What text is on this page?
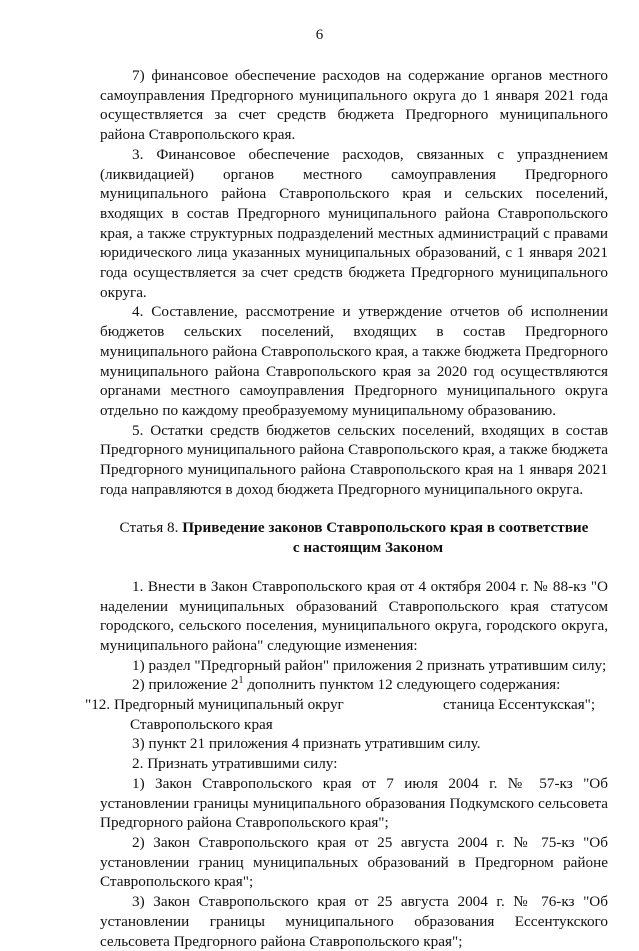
6

7) финансовое обеспечение расходов на содержание органов местного самоуправления Предгорного муниципального округа до 1 января 2021 года осуществляется за счет средств бюджета Предгорного муниципального района Ставропольского края.

3. Финансовое обеспечение расходов, связанных с упразднением (ликвидацией) органов местного самоуправления Предгорного муниципального района Ставропольского края и сельских поселений, входящих в состав Предгорного муниципального района Ставропольского края, а также структурных подразделений местных администраций с правами юридического лица указанных муниципальных образований, с 1 января 2021 года осуществляется за счет средств бюджета Предгорного муниципального округа.

4. Составление, рассмотрение и утверждение отчетов об исполнении бюджетов сельских поселений, входящих в состав Предгорного муниципального района Ставропольского края, а также бюджета Предгорного муниципального района Ставропольского края за 2020 год осуществляются органами местного самоуправления Предгорного муниципального округа отдельно по каждому преобразуемому муниципальному образованию.

5. Остатки средств бюджетов сельских поселений, входящих в состав Предгорного муниципального района Ставропольского края, а также бюджета Предгорного муниципального района Ставропольского края на 1 января 2021 года направляются в доход бюджета Предгорного муниципального округа.

Статья 8. Приведение законов Ставропольского края в соответствие
с настоящим Законом

1. Внести в Закон Ставропольского края от 4 октября 2004 г. № 88-кз "О наделении муниципальных образований Ставропольского края статусом городского, сельского поселения, муниципального округа, городского округа, муниципального района" следующие изменения:

1) раздел "Предгорный район" приложения 2 признать утратившим силу;

2) приложение $2^1$ дополнить пунктом 12 следующего содержания:

"12. Предгорный муниципальный округ	станица Ессентукская";
Ставропольского края

3) пункт 21 приложения 4 признать утратившим силу.

2. Признать утратившими силу:

1) Закон Ставропольского края от 7 июля 2004 г. № 57-кз "Об установлении границы муниципального образования Подкумского сельсовета Предгорного района Ставропольского края";

2) Закон Ставропольского края от 25 августа 2004 г. № 75-кз "Об установлении границ муниципальных образований в Предгорном районе Ставропольского края";

3) Закон Ставропольского края от 25 августа 2004 г. № 76-кз "Об установлении границы муниципального образования Ессентукского сельсовета Предгорного района Ставропольского края";
